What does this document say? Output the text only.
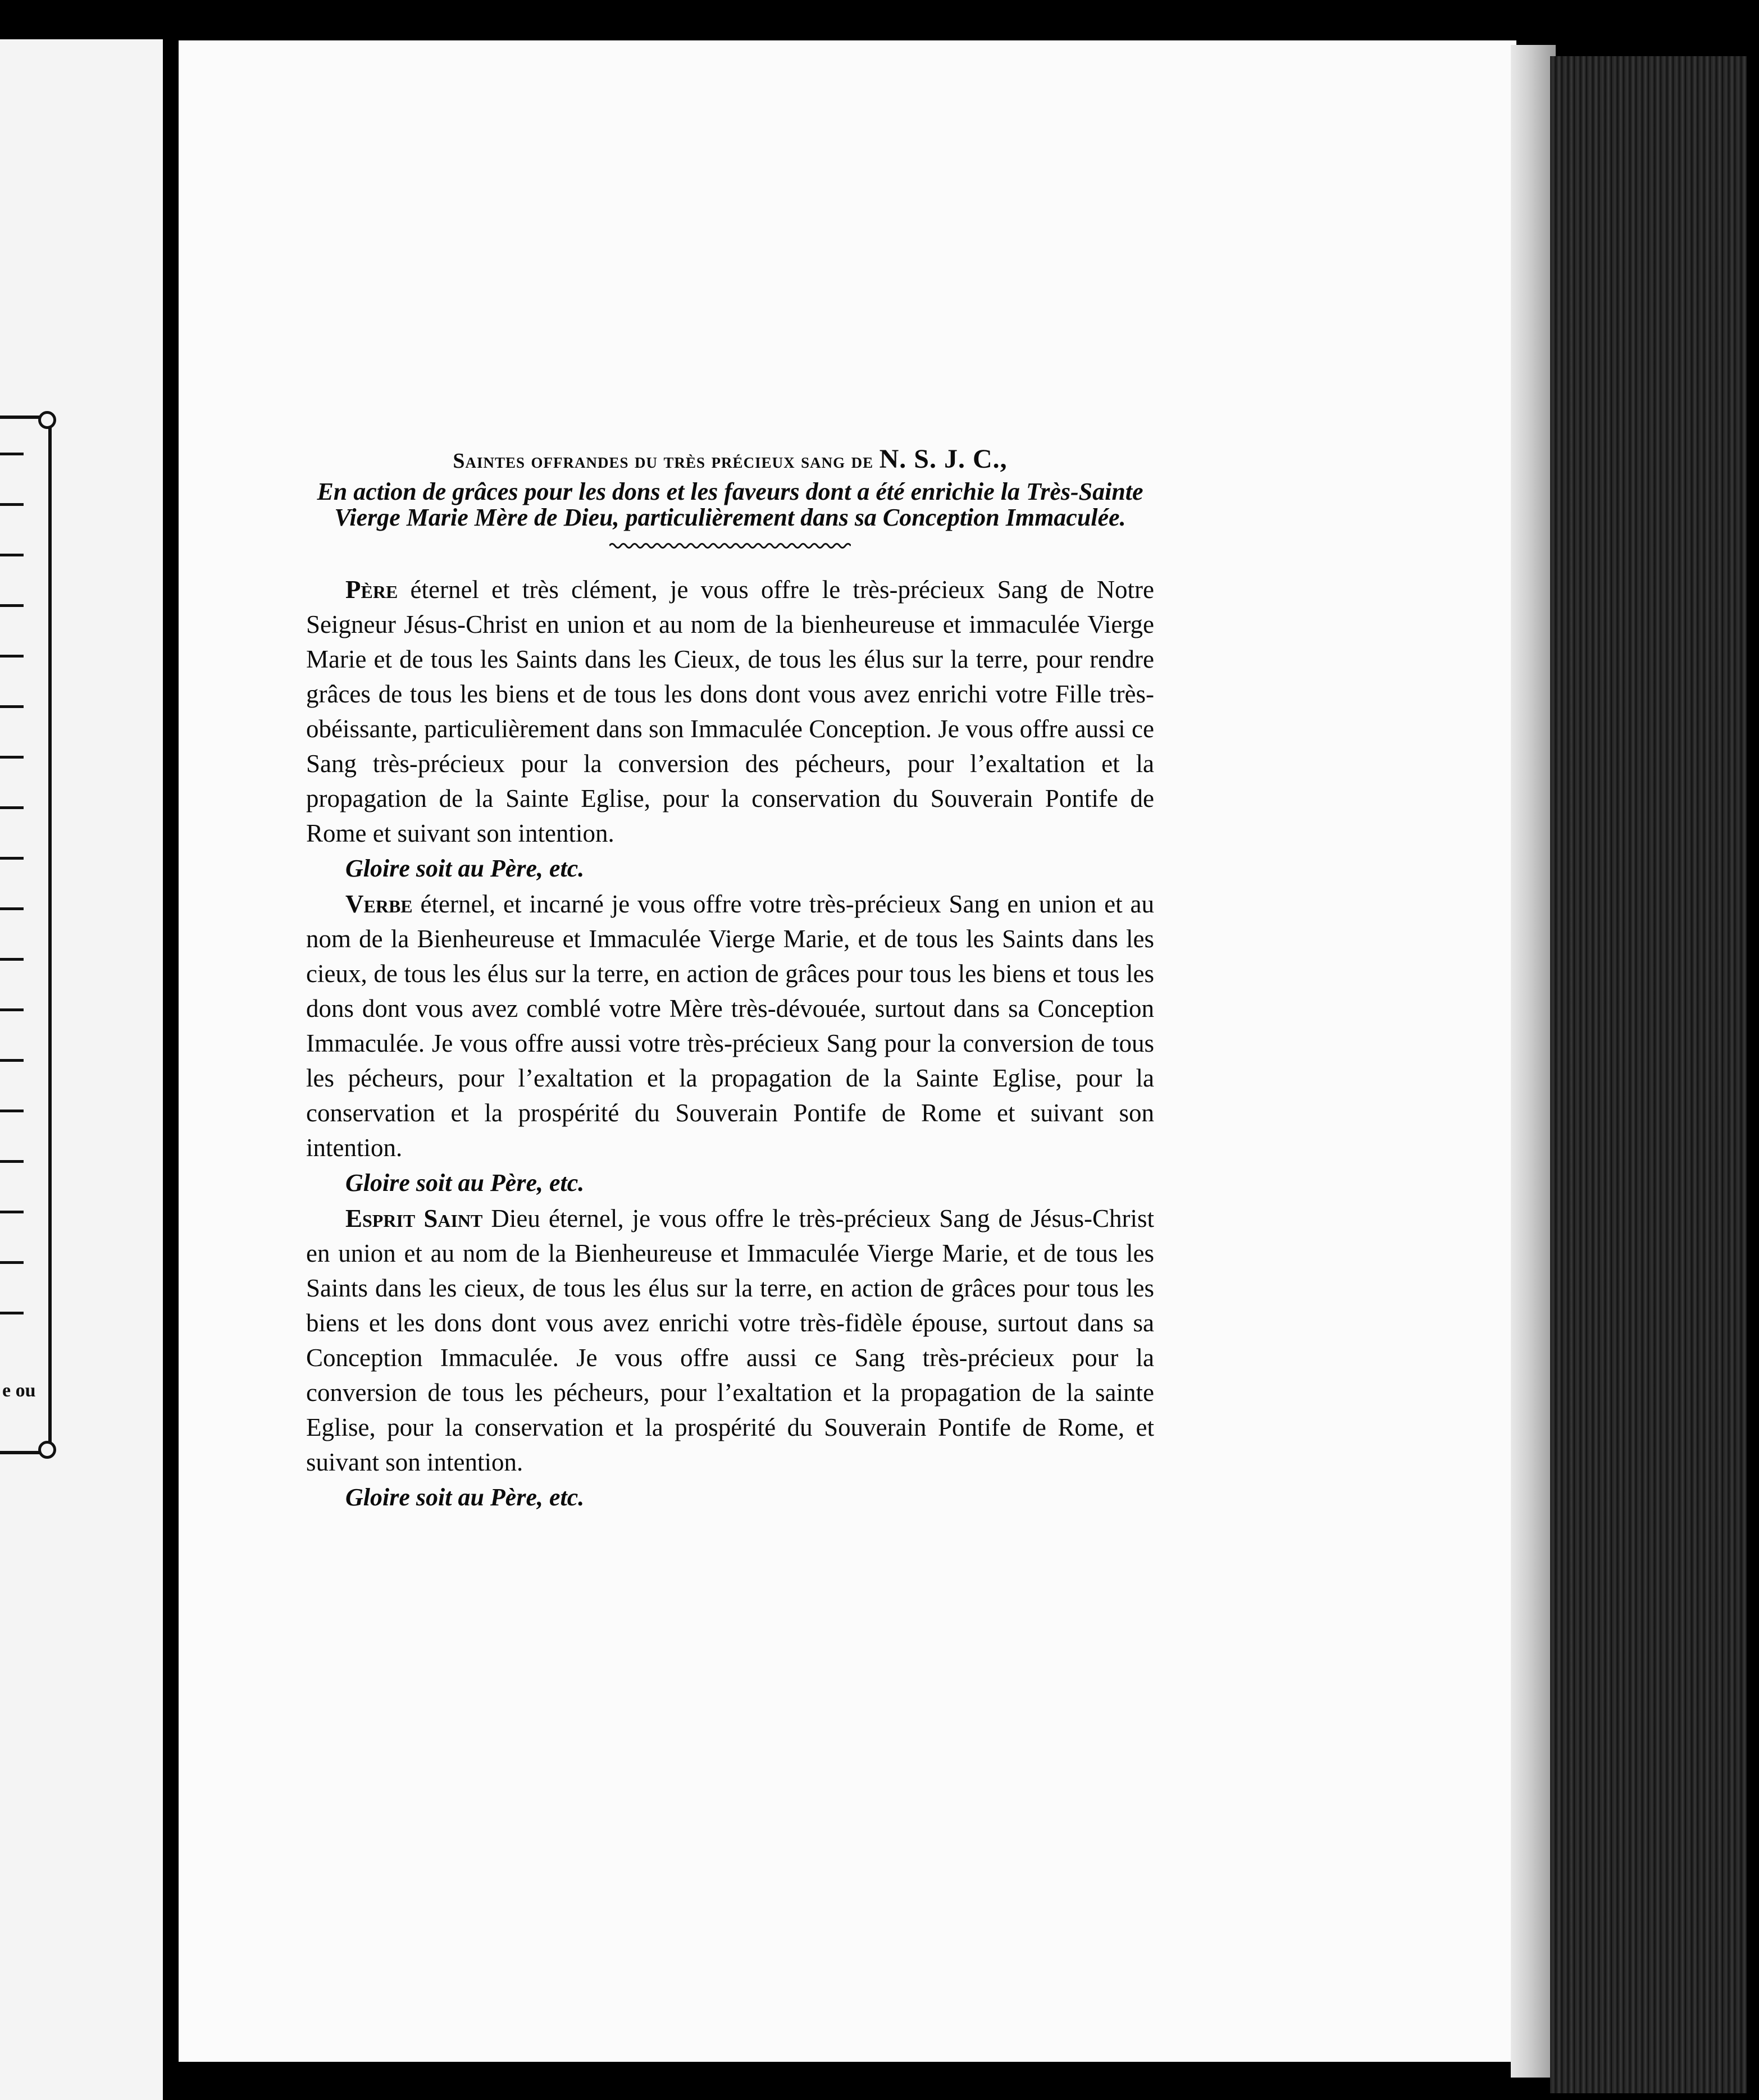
e ou

Saintes offrandes du très précieux sang de N. S. J. C.,

En action de grâces pour les dons et les faveurs dont a été enrichie la Très-Sainte

Vierge Marie Mère de Dieu, particulièrement dans sa Conception Immaculée.

Père éternel et très clément, je vous offre le très-précieux Sang de Notre Seigneur Jésus-Christ en union et au nom de la bienheureuse et immaculée Vierge Marie et de tous les Saints dans les Cieux, de tous les élus sur la terre, pour rendre grâces de tous les biens et de tous les dons dont vous avez enrichi votre Fille très-obéissante, particulièrement dans son Immaculée Conception. Je vous offre aussi ce Sang très-précieux pour la conversion des pécheurs, pour l’exaltation et la propagation de la Sainte Eglise, pour la conservation du Souverain Pontife de Rome et suivant son intention.

Gloire soit au Père, etc.

Verbe éternel, et incarné je vous offre votre très-précieux Sang en union et au nom de la Bienheureuse et Immaculée Vierge Marie, et de tous les Saints dans les cieux, de tous les élus sur la terre, en action de grâces pour tous les biens et tous les dons dont vous avez comblé votre Mère très-dévouée, surtout dans sa Conception Immaculée. Je vous offre aussi votre très-précieux Sang pour la conversion de tous les pécheurs, pour l’exaltation et la propagation de la Sainte Eglise, pour la conservation et la prospérité du Souverain Pontife de Rome et suivant son intention.

Gloire soit au Père, etc.

Esprit Saint Dieu éternel, je vous offre le très-précieux Sang de Jésus-Christ en union et au nom de la Bienheureuse et Immaculée Vierge Marie, et de tous les Saints dans les cieux, de tous les élus sur la terre, en action de grâces pour tous les biens et les dons dont vous avez enrichi votre très-fidèle épouse, surtout dans sa Conception Immaculée. Je vous offre aussi ce Sang très-précieux pour la conversion de tous les pécheurs, pour l’exaltation et la propagation de la sainte Eglise, pour la conservation et la prospérité du Souverain Pontife de Rome, et suivant son intention.

Gloire soit au Père, etc.
